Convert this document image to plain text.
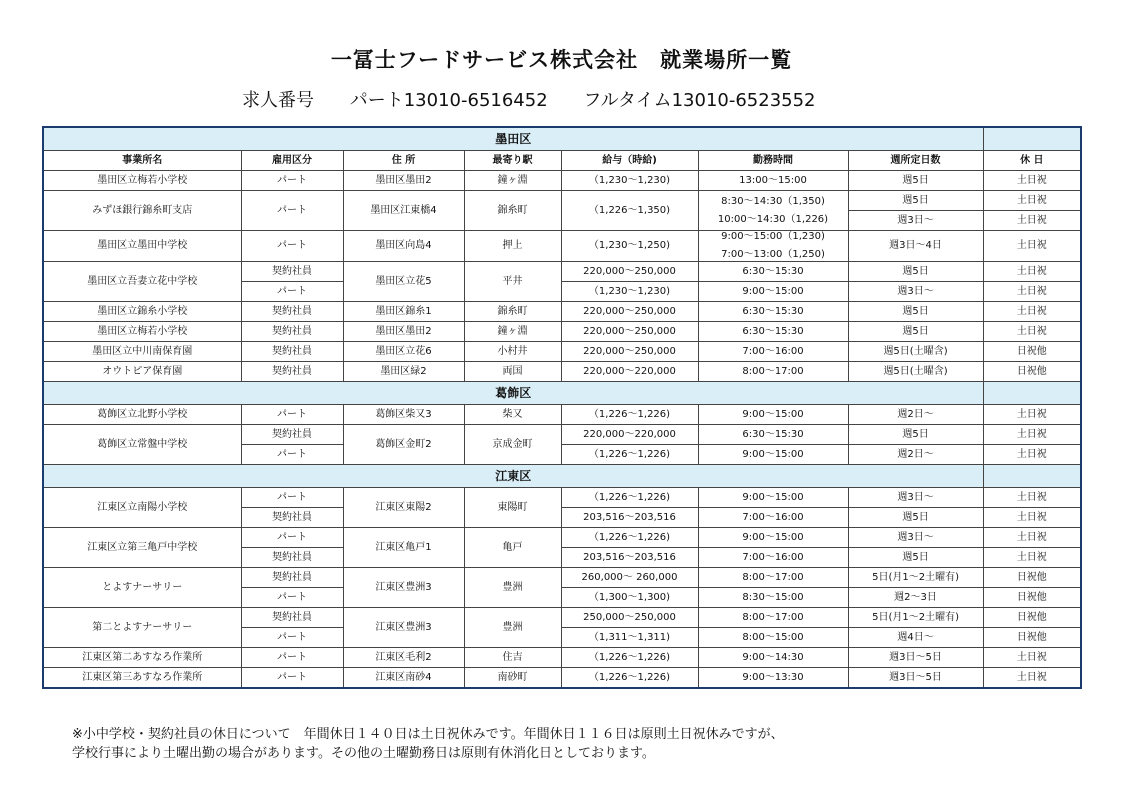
一冨士フードサービス株式会社　就業場所一覧
求人番号 パート13010-6516452 フルタイム13010-6523552
墨田区							
事業所名	雇用区分	住 所	最寄り駅	給与（時給)	勤務時間	週所定日数	休 日
墨田区立梅若小学校	パート	墨田区墨田2	鐘ヶ淵	（1,230～1,230)	13:00～15:00	週5日	土日祝
みずほ銀行錦糸町支店	パート	墨田区江東橋4	錦糸町	（1,226～1,350)	8:30～14:30（1,350)
10:00～14:30（1,226)	週5日	土日祝
						週3日～	土日祝
墨田区立墨田中学校	パート	墨田区向島4	押上	（1,230～1,250)	9:00～15:00（1,230)
7:00～13:00（1,250)	週3日～4日	土日祝
墨田区立吾妻立花中学校	契約社員	墨田区立花5	平井	220,000～250,000	6:30～15:30	週5日	土日祝
	パート			（1,230～1,230)	9:00～15:00	週3日～	土日祝
墨田区立錦糸小学校	契約社員	墨田区錦糸1	錦糸町	220,000～250,000	6:30～15:30	週5日	土日祝
墨田区立梅若小学校	契約社員	墨田区墨田2	鐘ヶ淵	220,000～250,000	6:30～15:30	週5日	土日祝
墨田区立中川南保育園	契約社員	墨田区立花6	小村井	220,000～250,000	7:00～16:00	週5日(土曜含)	日祝他
オウトピア保育園	契約社員	墨田区緑2	両国	220,000～220,000	8:00～17:00	週5日(土曜含)	日祝他
葛飾区							
葛飾区立北野小学校	パート	葛飾区柴又3	柴又	（1,226～1,226)	9:00～15:00	週2日～	土日祝
葛飾区立常盤中学校	契約社員	葛飾区金町2	京成金町	220,000～220,000	6:30～15:30	週5日	土日祝
	パート			（1,226～1,226)	9:00～15:00	週2日～	土日祝
江東区							
江東区立南陽小学校	パート	江東区東陽2	東陽町	（1,226～1,226)	9:00～15:00	週3日～	土日祝
	契約社員			203,516～203,516	7:00～16:00	週5日	土日祝
江東区立第三亀戸中学校	パート	江東区亀戸1	亀戸	（1,226～1,226)	9:00～15:00	週3日～	土日祝
	契約社員			203,516～203,516	7:00～16:00	週5日	土日祝
とよすナーサリー	契約社員	江東区豊洲3	豊洲	260,000～ 260,000	8:00～17:00	5日(月1～2土曜有)	日祝他
	パート			（1,300～1,300)	8:30～15:00	週2～3日	日祝他
第二とよすナーサリー	契約社員	江東区豊洲3	豊洲	250,000～250,000	8:00～17:00	5日(月1～2土曜有)	日祝他
	パート			（1,311～1,311)	8:00～15:00	週4日～	日祝他
江東区第二あすなろ作業所	パート	江東区毛利2	住吉	（1,226～1,226)	9:00～14:30	週3日～5日	土日祝
江東区第三あすなろ作業所	パート	江東区南砂4	南砂町	（1,226～1,226)	9:00～13:30	週3日～5日	土日祝
※小中学校・契約社員の休日について　年間休日１４０日は土日祝休みです。年間休日１１６日は原則土日祝休みですが、
学校行事により土曜出勤の場合があります。その他の土曜勤務日は原則有休消化日としております。
